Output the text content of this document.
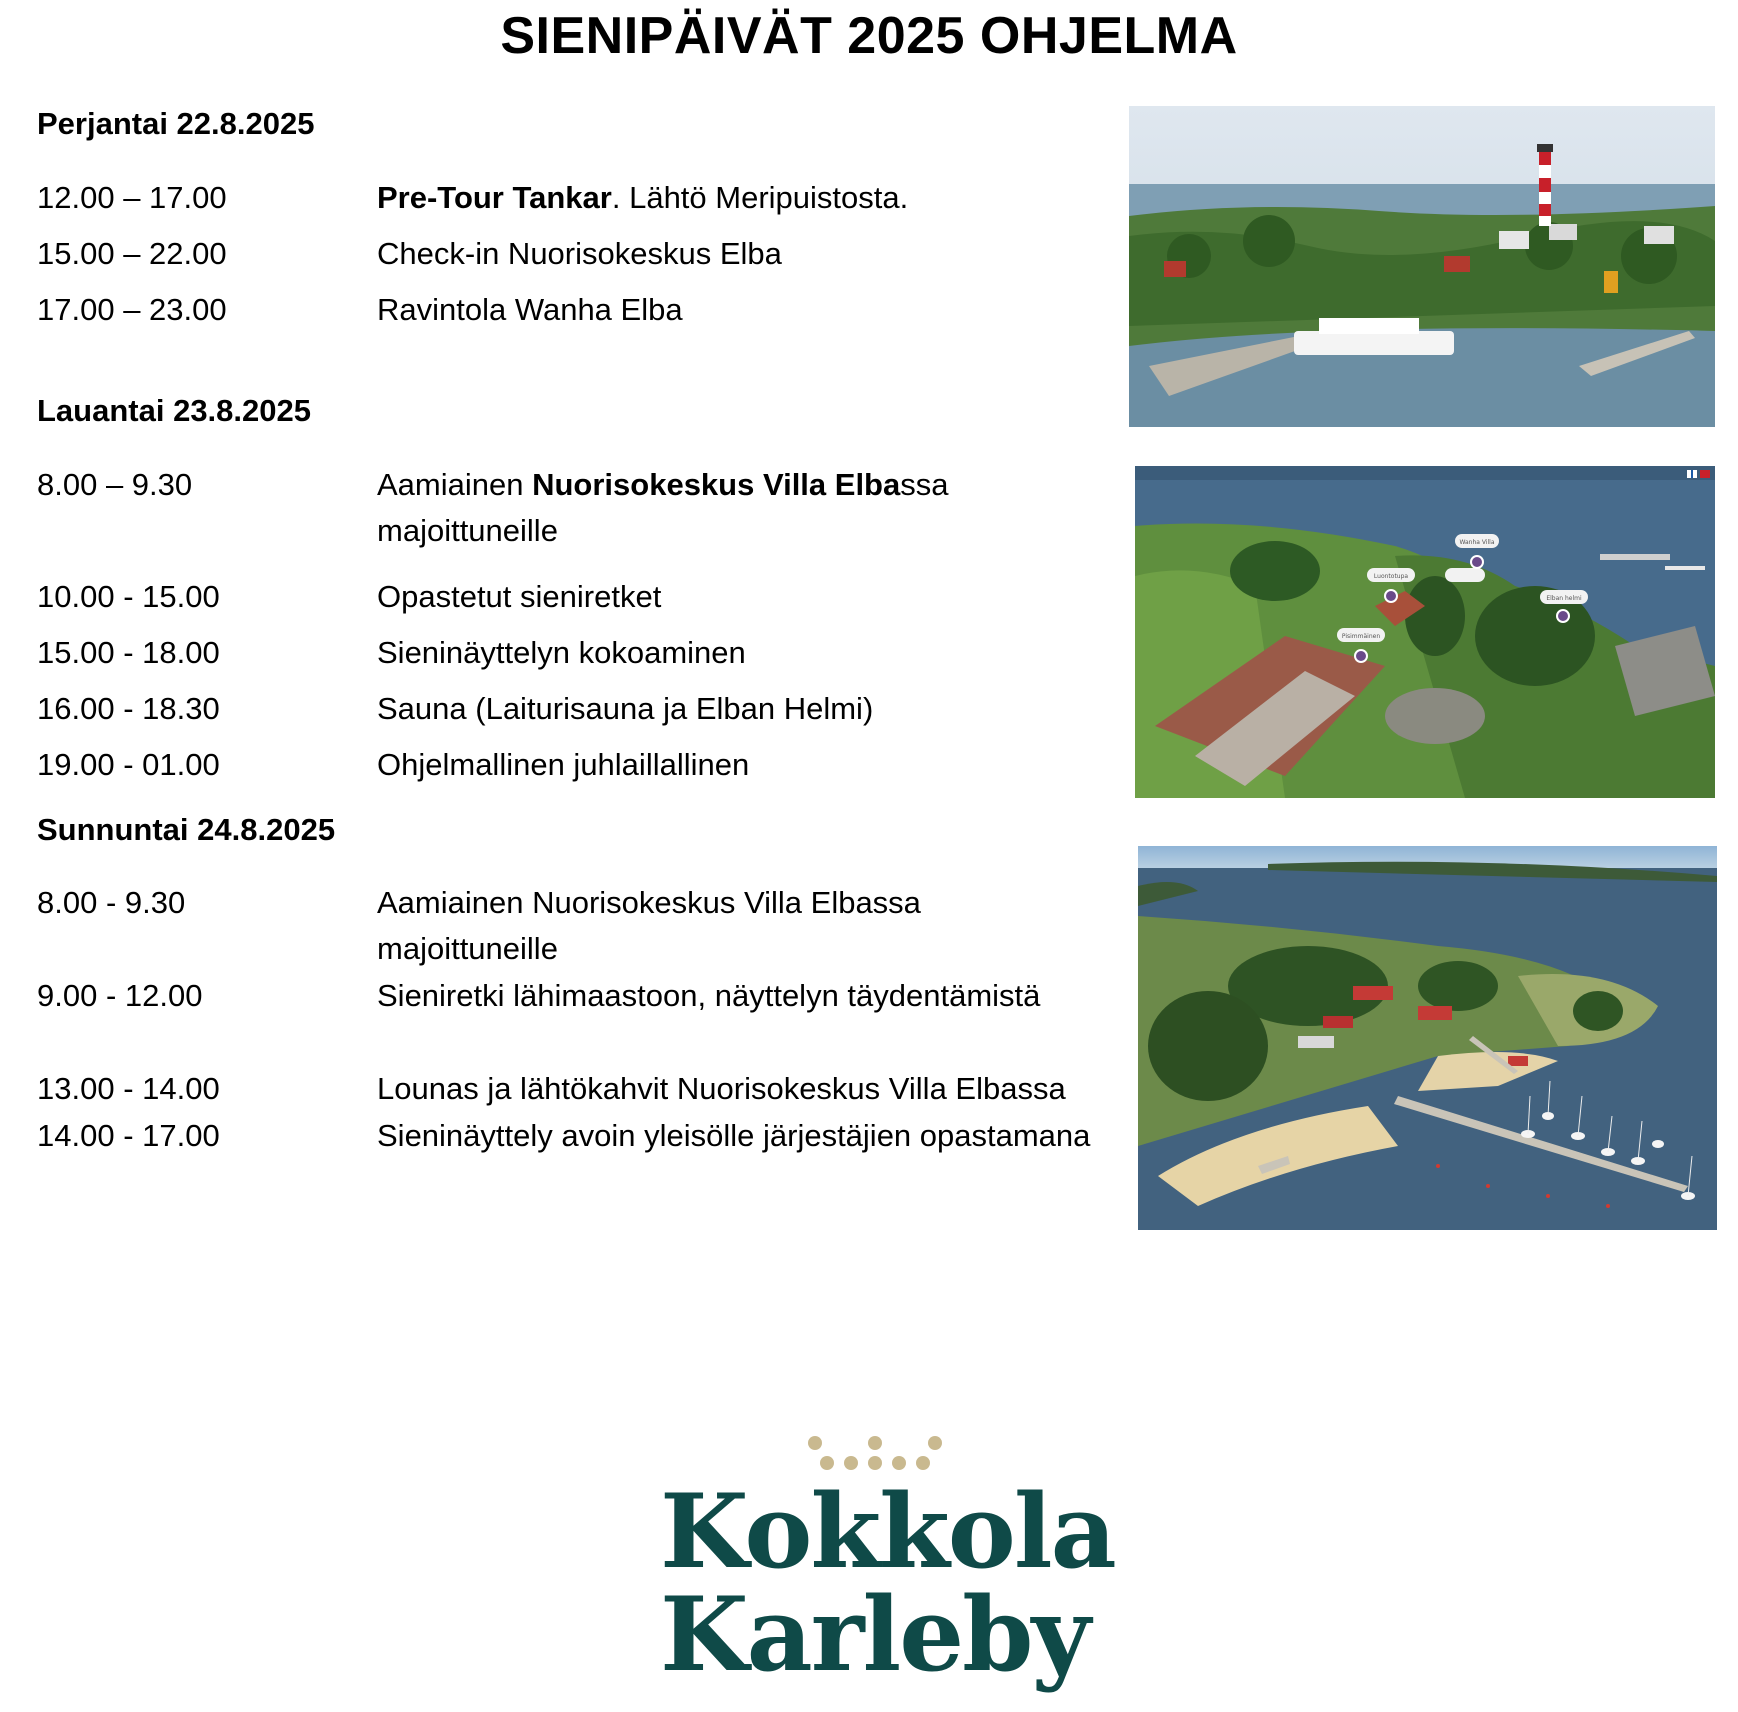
SIENIPÄIVÄT 2025 OHJELMA
Perjantai 22.8.2025
12.00 – 17.00	Pre-Tour Tankar. Lähtö Meripuistosta.
15.00 – 22.00	Check-in Nuorisokeskus Elba
17.00 – 23.00	Ravintola Wanha Elba
Lauantai 23.8.2025
8.00 – 9.30	Aamiainen Nuorisokeskus Villa Elbassa majoittuneille
10.00 - 15.00	Opastetut sieniretket
15.00 - 18.00	Sieninäyttelyn kokoaminen
16.00 - 18.30	Sauna (Laiturisauna ja Elban Helmi)
19.00 - 01.00	Ohjelmallinen juhlaillallinen
Sunnuntai 24.8.2025
8.00 - 9.30	Aamiainen Nuorisokeskus Villa Elbassa majoittuneille
9.00 - 12.00	Sieniretki lähimaastoon, näyttelyn täydentämistä
13.00 - 14.00	Lounas ja lähtökahvit Nuorisokeskus Villa Elbassa
14.00 - 17.00	Sieninäyttely avoin yleisölle järjestäjien opastamana
Wanha Villa
Luontotupa
Elban helmi
Pisimmäinen
Kokkola
Karleby
